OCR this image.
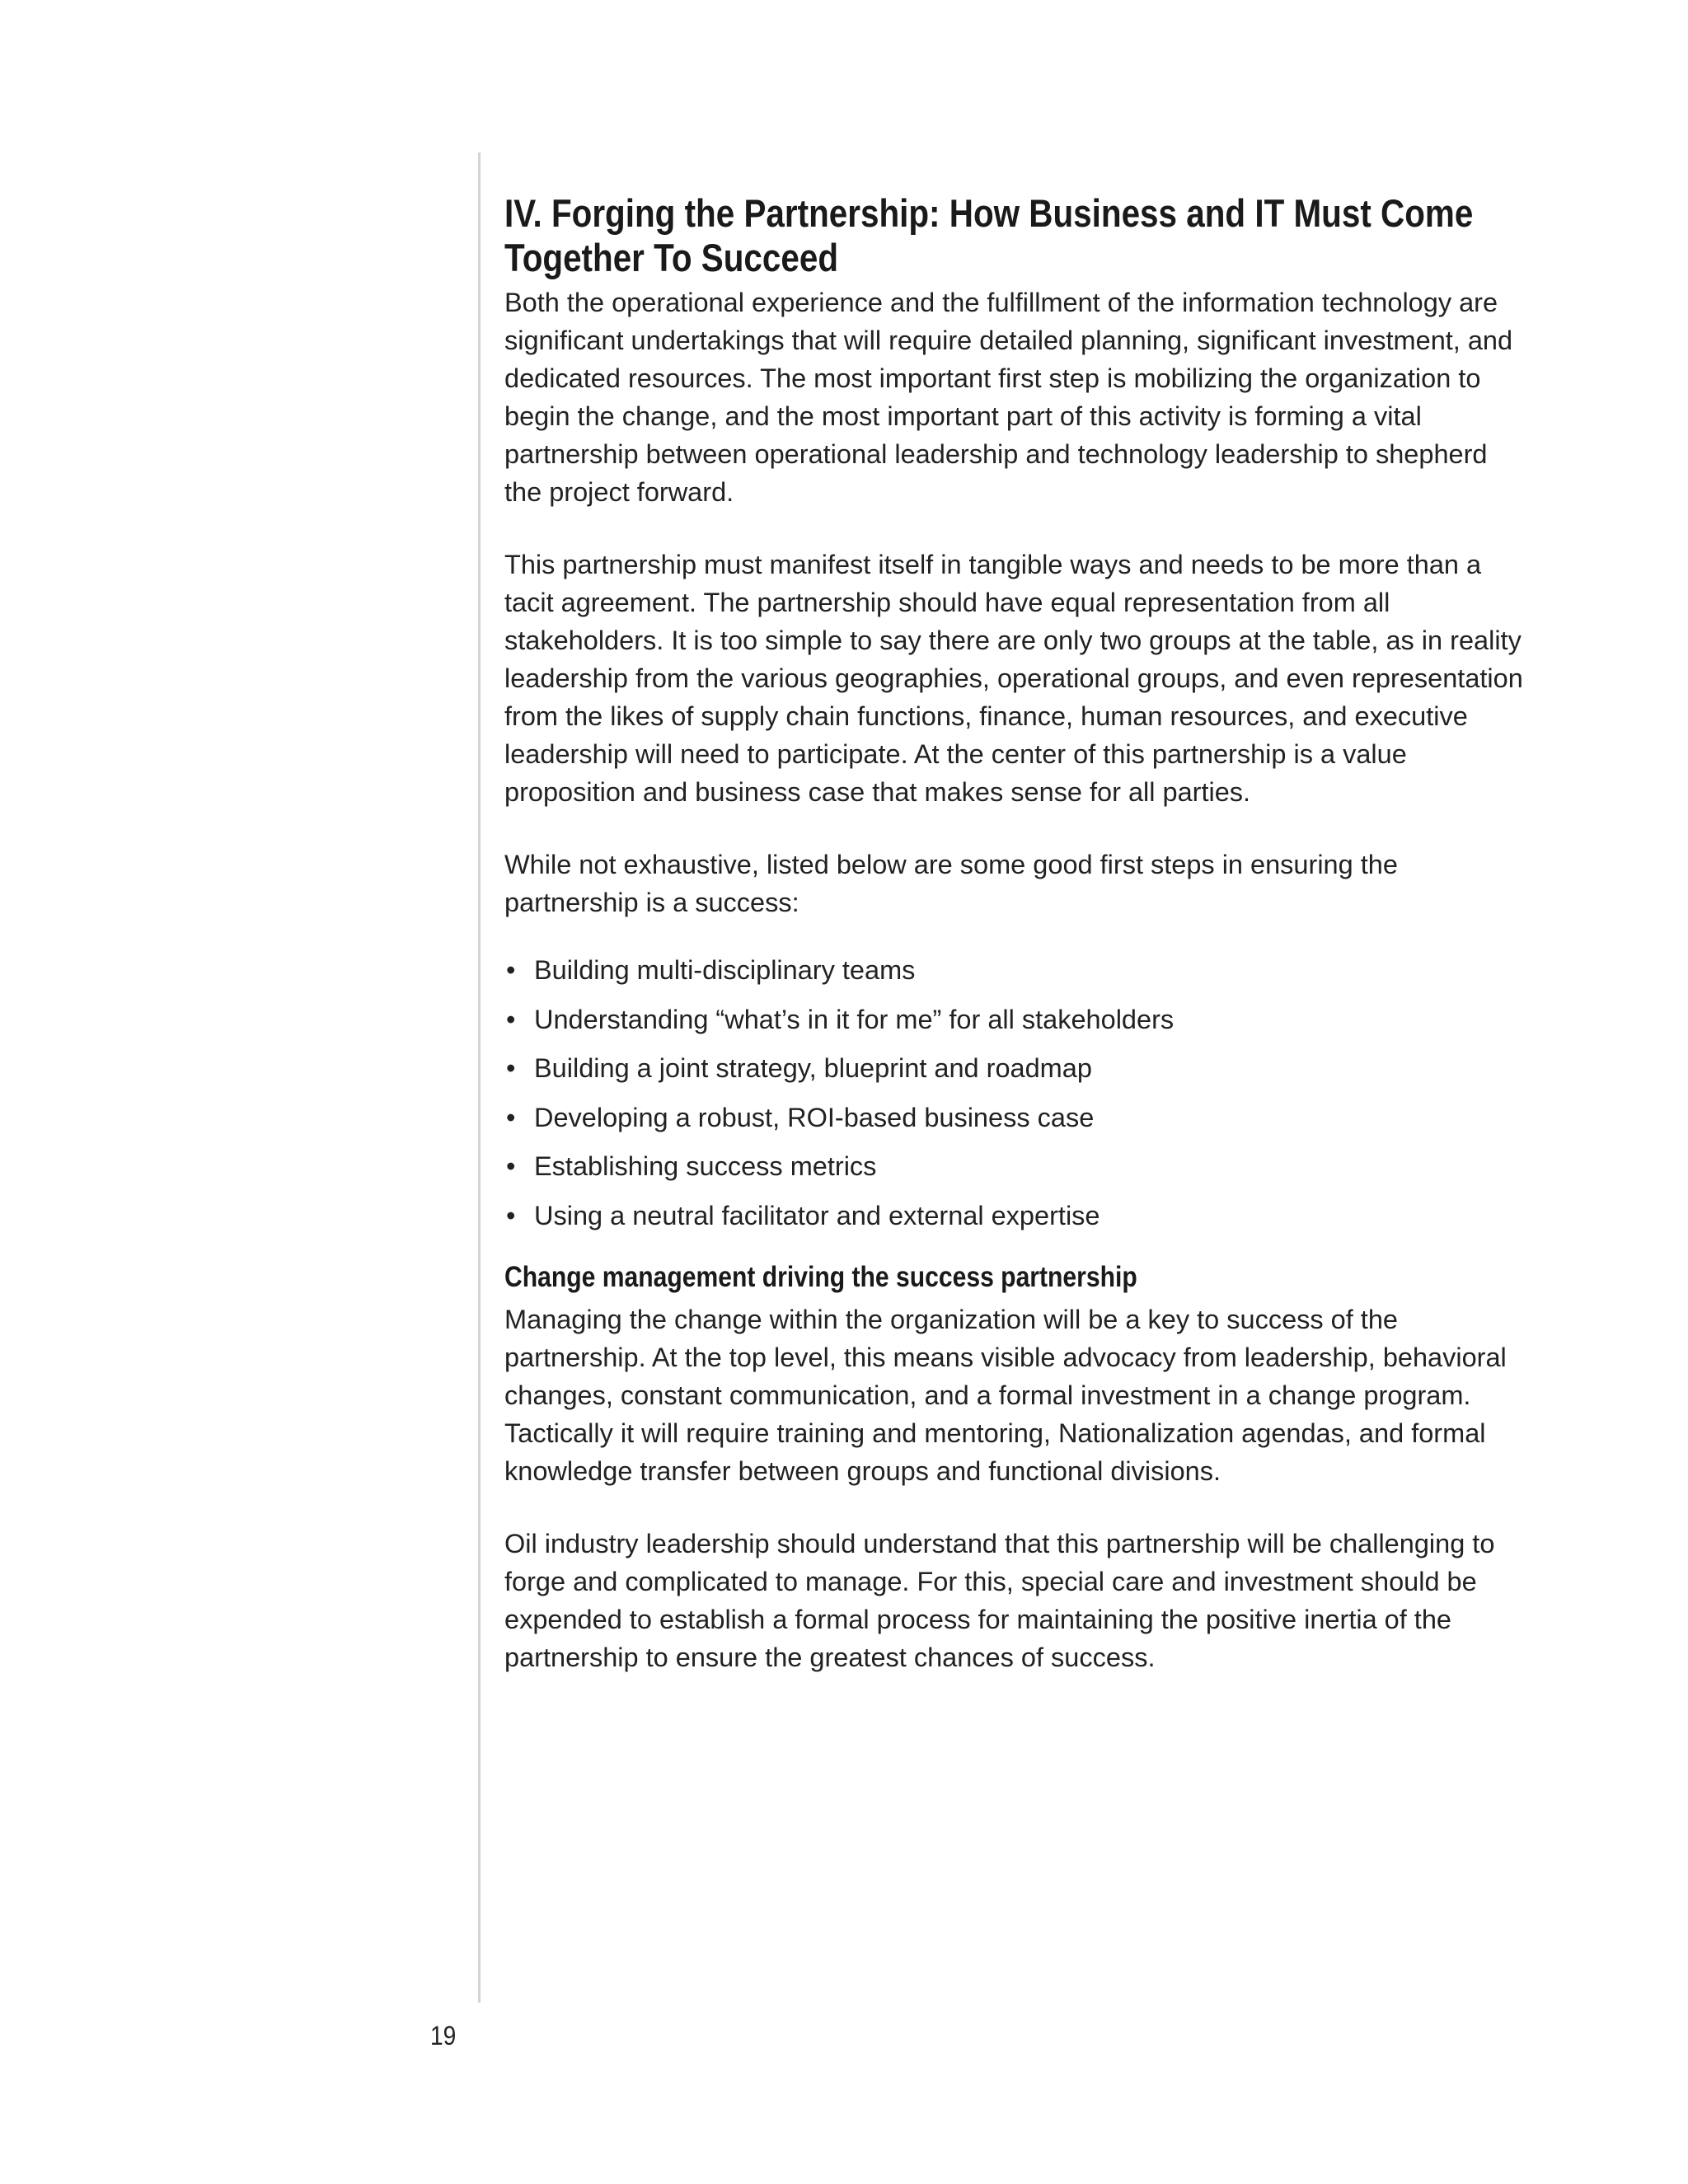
IV. Forging the Partnership: How Business and IT Must Come Together To Succeed

Both the operational experience and the fulfillment of the information technology are significant undertakings that will require detailed planning, significant investment, and dedicated resources. The most important first step is mobilizing the organization to begin the change, and the most important part of this activity is forming a vital partnership between operational leadership and technology leadership to shepherd the project forward.

This partnership must manifest itself in tangible ways and needs to be more than a tacit agreement. The partnership should have equal representation from all stakeholders. It is too simple to say there are only two groups at the table, as in reality leadership from the various geographies, operational groups, and even representation from the likes of supply chain functions, finance, human resources, and executive leadership will need to participate. At the center of this partnership is a value proposition and business case that makes sense for all parties.

While not exhaustive, listed below are some good first steps in ensuring the partnership is a success:

• Building multi-disciplinary teams
• Understanding “what’s in it for me” for all stakeholders
• Building a joint strategy, blueprint and roadmap
• Developing a robust, ROI-based business case
• Establishing success metrics
• Using a neutral facilitator and external expertise
Change management driving the success partnership

Managing the change within the organization will be a key to success of the partnership. At the top level, this means visible advocacy from leadership, behavioral changes, constant communication, and a formal investment in a change program. Tactically it will require training and mentoring, Nationalization agendas, and formal knowledge transfer between groups and functional divisions.

Oil industry leadership should understand that this partnership will be challenging to forge and complicated to manage. For this, special care and investment should be expended to establish a formal process for maintaining the positive inertia of the partnership to ensure the greatest chances of success.

19
